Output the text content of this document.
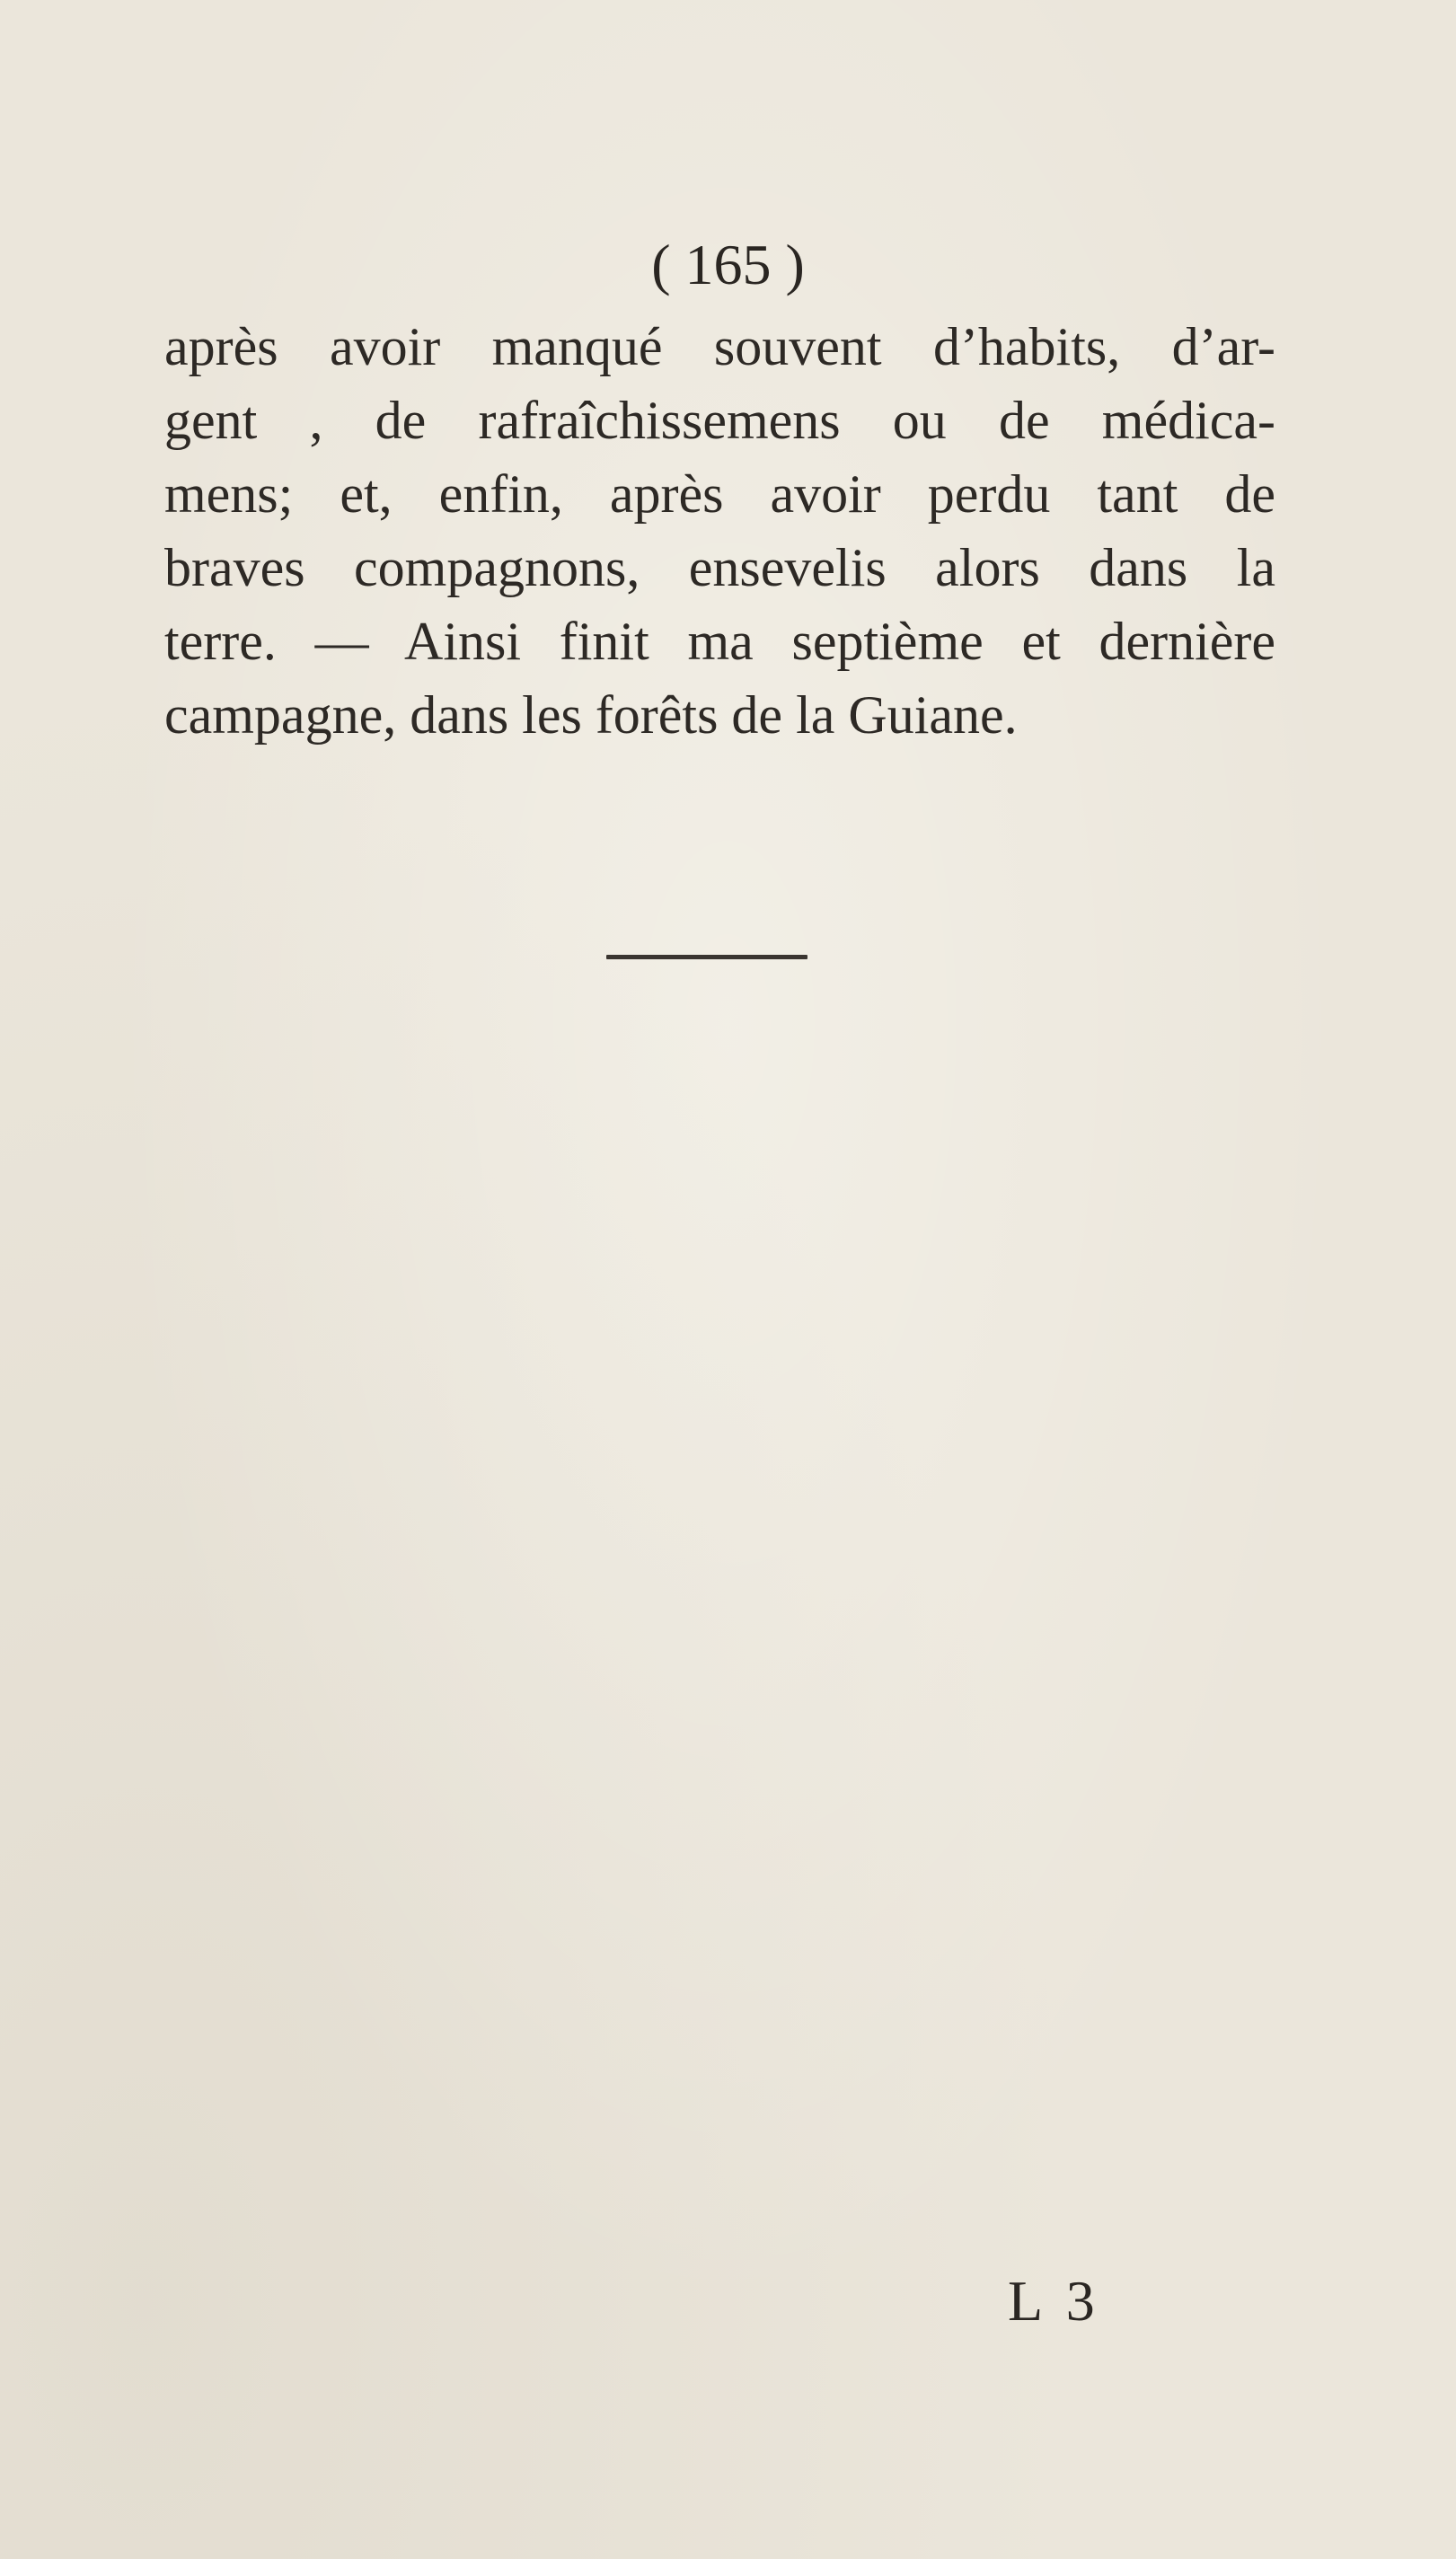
( 165 )
après avoir manqué souvent d’habits, d’ar-
gent , de rafraîchissemens ou de médica-
mens; et, enfin, après avoir perdu tant de
braves compagnons, ensevelis alors dans la
terre. — Ainsi finit ma septième et dernière
campagne, dans les forêts de la Guiane.
L 3
